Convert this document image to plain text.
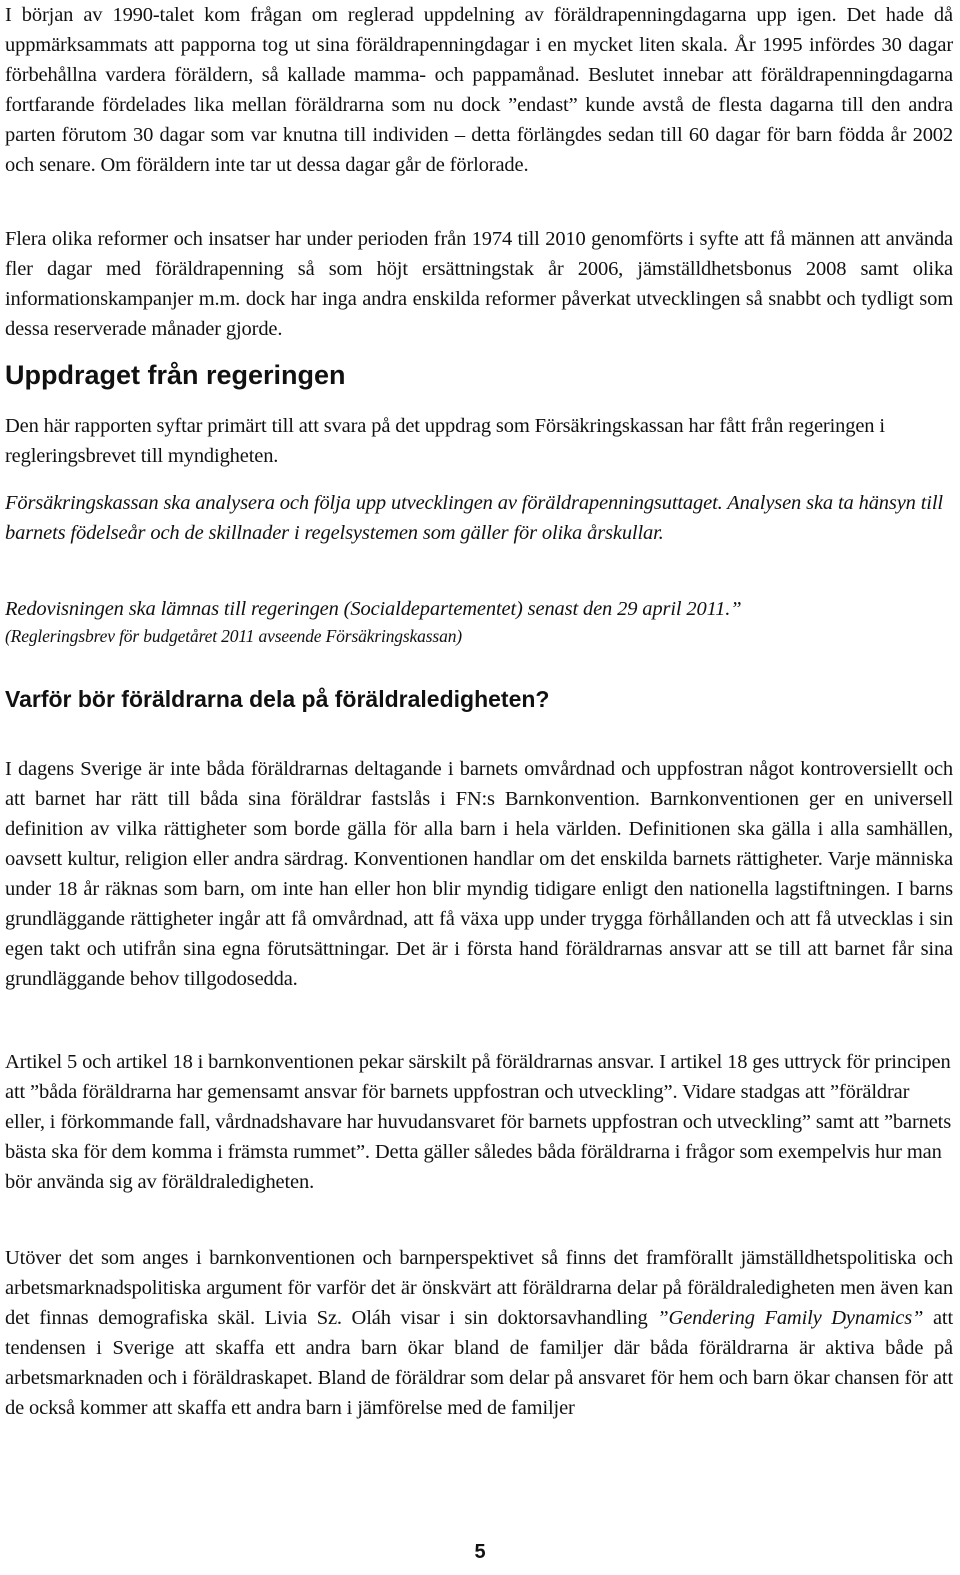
I början av 1990-talet kom frågan om reglerad uppdelning av föräldrapenningdagarna upp igen. Det hade då uppmärksammats att papporna tog ut sina föräldrapenningdagar i en mycket liten skala. År 1995 infördes 30 dagar förbehållna vardera föräldern, så kallade mamma- och pappamånad. Beslutet innebar att föräldrapenningdagarna fortfarande fördelades lika mellan föräldrarna som nu dock ”endast” kunde avstå de flesta dagarna till den andra parten förutom 30 dagar som var knutna till individen – detta förlängdes sedan till 60 dagar för barn födda år 2002 och senare. Om föräldern inte tar ut dessa dagar går de förlorade.

Flera olika reformer och insatser har under perioden från 1974 till 2010 genomförts i syfte att få männen att använda fler dagar med föräldrapenning så som höjt ersättningstak år 2006, jämställdhetsbonus 2008 samt olika informationskampanjer m.m. dock har inga andra enskilda reformer påverkat utvecklingen så snabbt och tydligt som dessa reserverade månader gjorde.

Uppdraget från regeringen

Den här rapporten syftar primärt till att svara på det uppdrag som Försäkringskassan har fått från regeringen i regleringsbrevet till myndigheten.

Försäkringskassan ska analysera och följa upp utvecklingen av föräldrapenningsuttaget. Analysen ska ta hänsyn till barnets födelseår och de skillnader i regelsystemen som gäller för olika årskullar.

Redovisningen ska lämnas till regeringen (Socialdepartementet) senast den 29 april 2011.”

(Regleringsbrev för budgetåret 2011 avseende Försäkringskassan)

Varför bör föräldrarna dela på föräldraledigheten?

I dagens Sverige är inte båda föräldrarnas deltagande i barnets omvårdnad och uppfostran något kontroversiellt och att barnet har rätt till båda sina föräldrar fastslås i FN:s Barnkonvention. Barnkonventionen ger en universell definition av vilka rättigheter som borde gälla för alla barn i hela världen. Definitionen ska gälla i alla samhällen, oavsett kultur, religion eller andra särdrag. Konventionen handlar om det enskilda barnets rättigheter. Varje människa under 18 år räknas som barn, om inte han eller hon blir myndig tidigare enligt den nationella lagstiftningen. I barns grundläggande rättigheter ingår att få omvårdnad, att få växa upp under trygga förhållanden och att få utvecklas i sin egen takt och utifrån sina egna förutsättningar. Det är i första hand föräldrarnas ansvar att se till att barnet får sina grundläggande behov tillgodosedda.

Artikel 5 och artikel 18 i barnkonventionen pekar särskilt på föräldrarnas ansvar. I artikel 18 ges uttryck för principen att ”båda föräldrarna har gemensamt ansvar för barnets uppfostran och utveckling”. Vidare stadgas att ”föräldrar eller, i förkommande fall, vårdnadshavare har huvudansvaret för barnets uppfostran och utveckling” samt att ”barnets bästa ska för dem komma i främsta rummet”. Detta gäller således båda föräldrarna i frågor som exempelvis hur man bör använda sig av föräldraledigheten.

Utöver det som anges i barnkonventionen och barnperspektivet så finns det framförallt jämställdhetspolitiska och arbetsmarknadspolitiska argument för varför det är önskvärt att föräldrarna delar på föräldraledigheten men även kan det finnas demografiska skäl. Livia Sz. Oláh visar i sin doktorsavhandling ”Gendering Family Dynamics” att tendensen i Sverige att skaffa ett andra barn ökar bland de familjer där båda föräldrarna är aktiva både på arbetsmarknaden och i föräldraskapet. Bland de föräldrar som delar på ansvaret för hem och barn ökar chansen för att de också kommer att skaffa ett andra barn i jämförelse med de familjer

5
